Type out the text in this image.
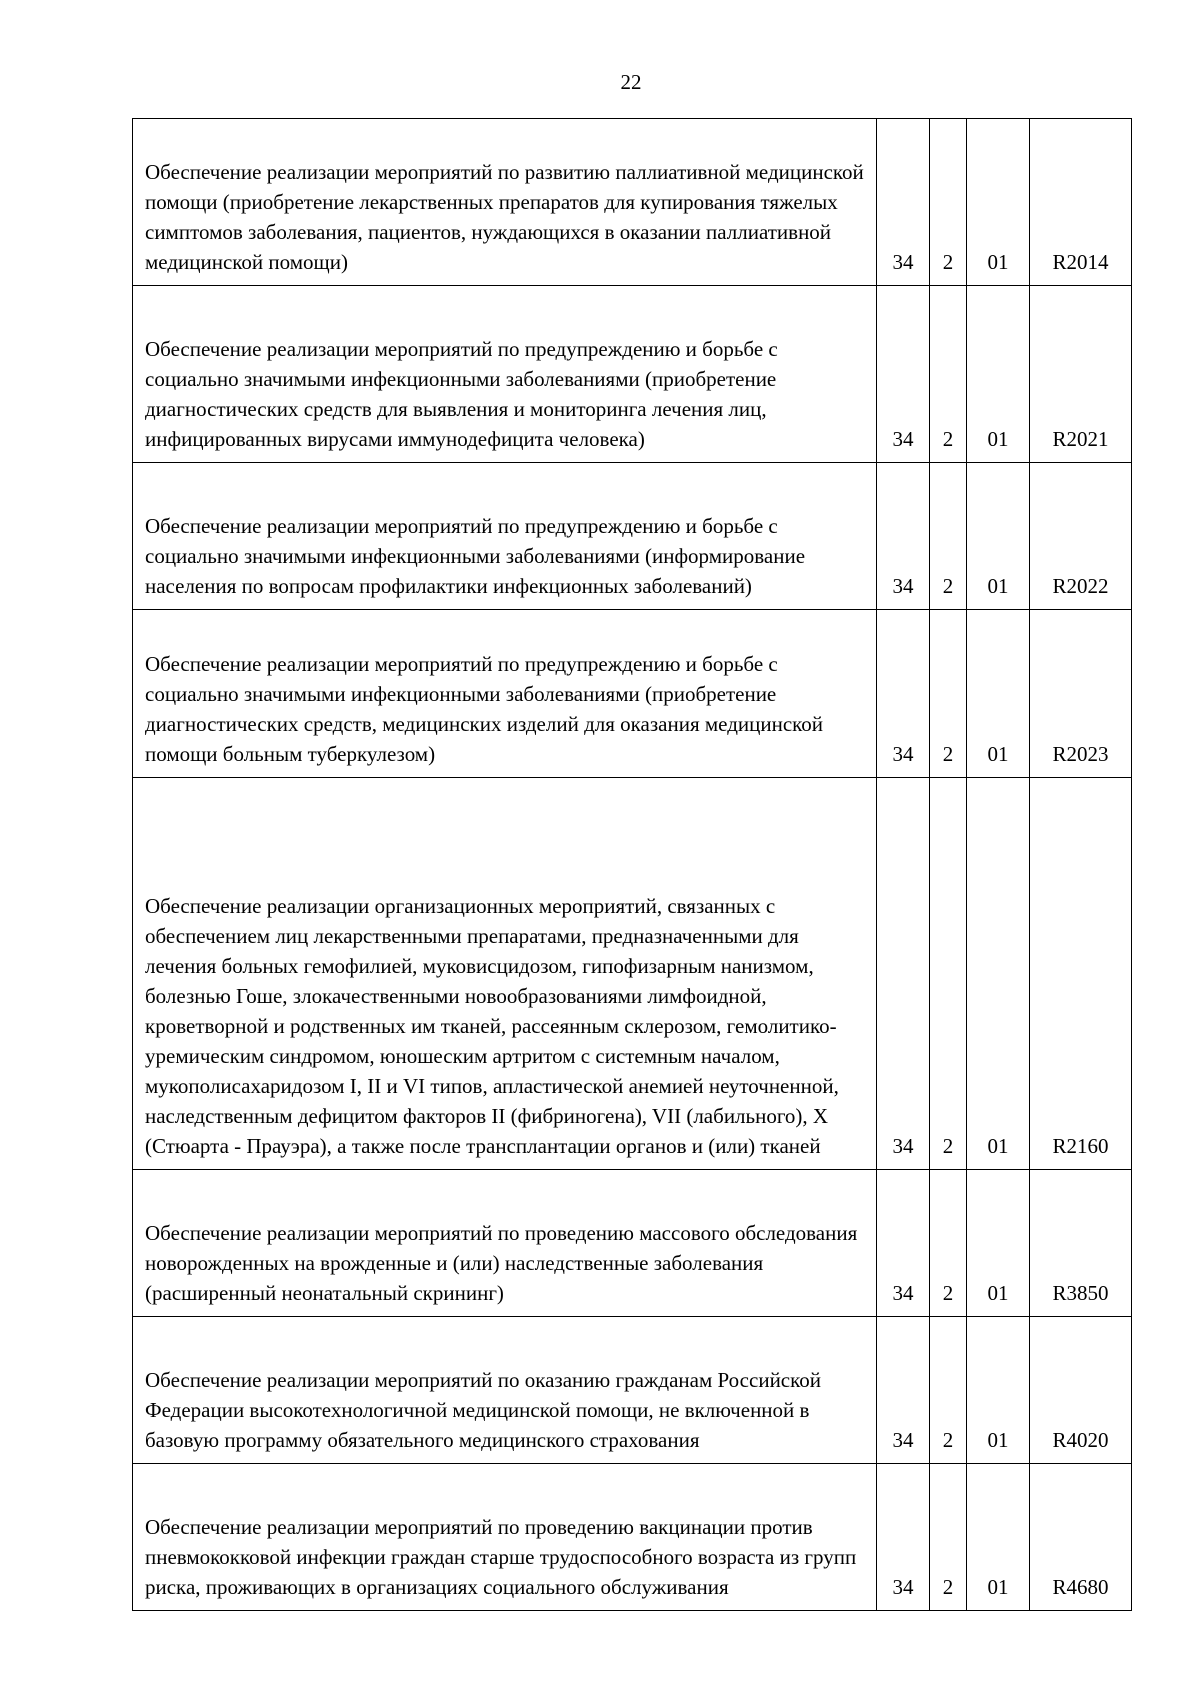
22
Обеспечение реализации мероприятий по развитию паллиативной медицинской помощи (приобретение лекарственных препаратов для купирования тяжелых симптомов заболевания, пациентов, нуждающихся в оказании паллиативной медицинской помощи)	34	2	01	R2014
Обеспечение реализации мероприятий по предупреждению и борьбе с социально значимыми инфекционными заболеваниями (приобретение диагностических средств для выявления и мониторинга лечения лиц, инфицированных вирусами иммунодефицита человека)	34	2	01	R2021
Обеспечение реализации мероприятий по предупреждению и борьбе с социально значимыми инфекционными заболеваниями (информирование населения по вопросам профилактики инфекционных заболеваний)	34	2	01	R2022
Обеспечение реализации мероприятий по предупреждению и борьбе с социально значимыми инфекционными заболеваниями (приобретение диагностических средств, медицинских изделий для оказания медицинской помощи больным туберкулезом)	34	2	01	R2023
Обеспечение реализации организационных мероприятий, связанных с обеспечением лиц лекарственными препаратами, предназначенными для лечения больных гемофилией, муковисцидозом, гипофизарным нанизмом, болезнью Гоше, злокачественными новообразованиями лимфоидной, кроветворной и родственных им тканей, рассеянным склерозом, гемолитико-уремическим синдромом, юношеским артритом с системным началом, мукополисахаридозом I, II и VI типов, апластической анемией неуточненной, наследственным дефицитом факторов II (фибриногена), VII (лабильного), X (Стюарта - Прауэра), а также после трансплантации органов и (или) тканей	34	2	01	R2160
Обеспечение реализации мероприятий по проведению массового обследования новорожденных на врожденные и (или) наследственные заболевания (расширенный неонатальный скрининг)	34	2	01	R3850
Обеспечение реализации мероприятий по оказанию гражданам Российской Федерации высокотехнологичной медицинской помощи, не включенной в базовую программу обязательного медицинского страхования	34	2	01	R4020
Обеспечение реализации мероприятий по проведению вакцинации против пневмококковой инфекции граждан старше трудоспособного возраста из групп риска, проживающих в организациях социального обслуживания	34	2	01	R4680
